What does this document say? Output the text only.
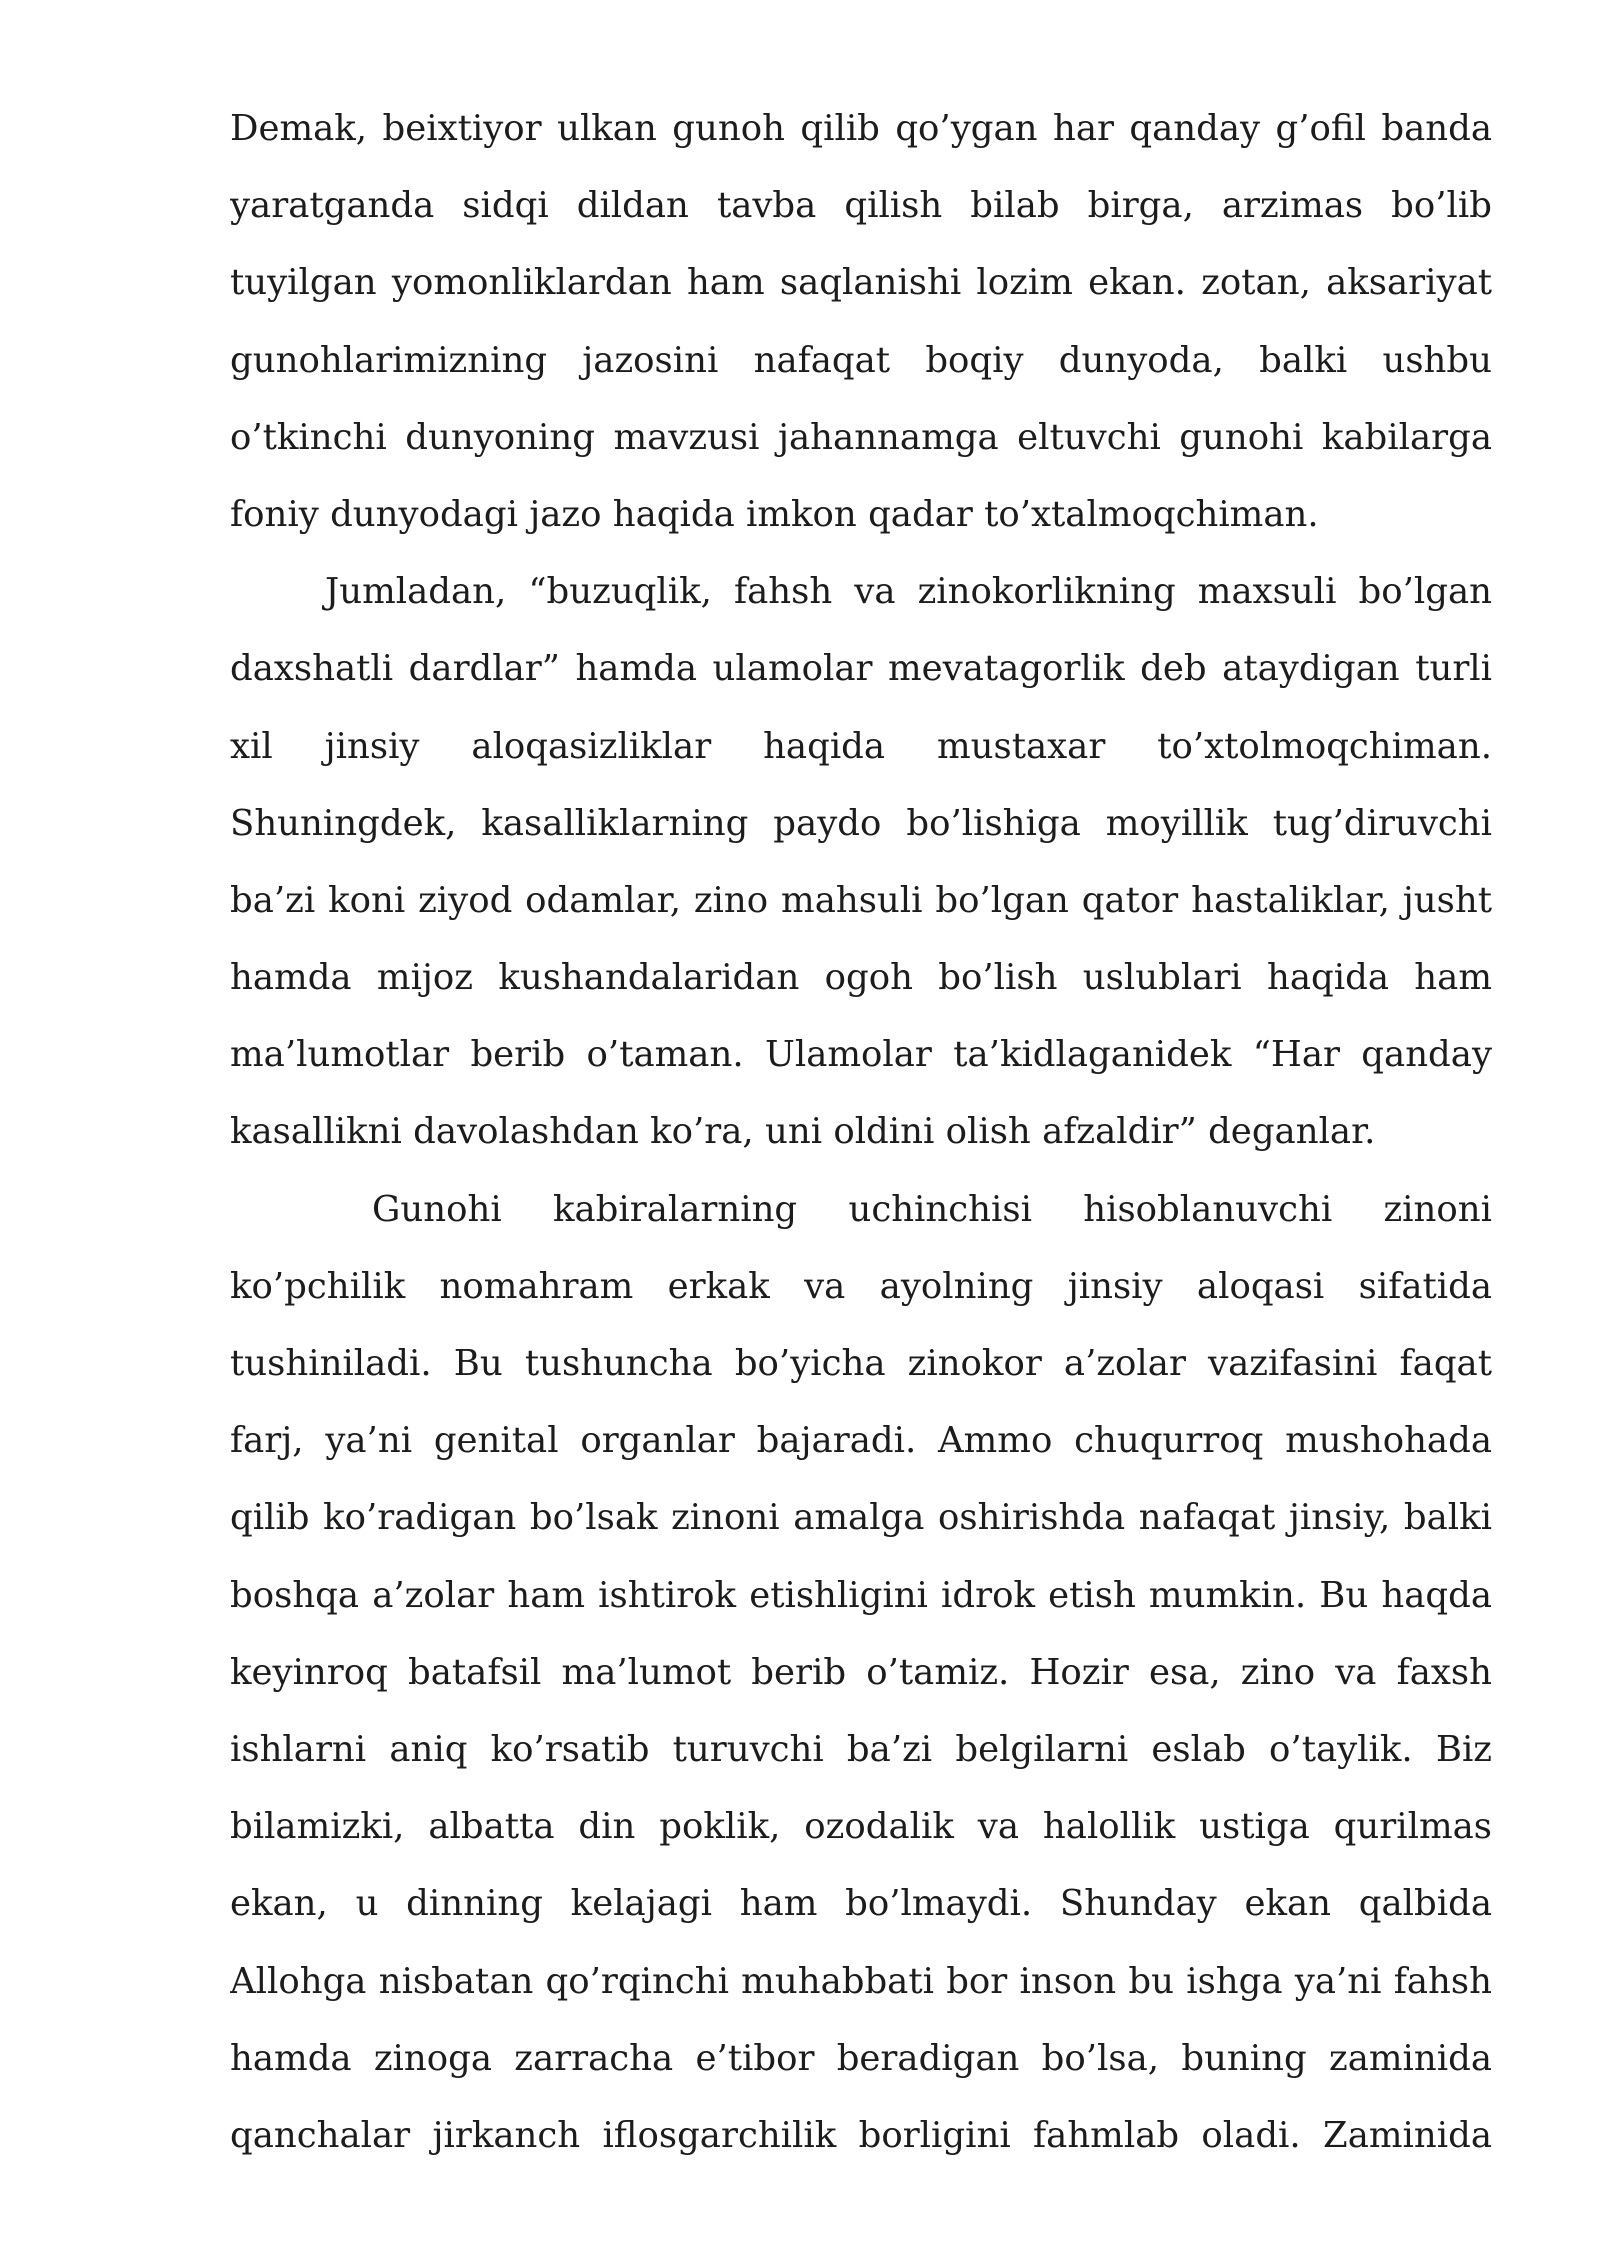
Demak, beixtiyor ulkan gunoh qilib qo’ygan har qanday g’ofil banda
yaratganda sidqi dildan tavba qilish bilab birga, arzimas bo’lib
tuyilgan yomonliklardan ham saqlanishi lozim ekan. zotan, aksariyat
gunohlarimizning jazosini nafaqat boqiy dunyoda, balki ushbu
o’tkinchi dunyoning mavzusi jahannamga eltuvchi gunohi kabilarga
foniy dunyodagi jazo haqida imkon qadar to’xtalmoqchiman.
Jumladan, “buzuqlik, fahsh va zinokorlikning maxsuli bo’lgan
daxshatli dardlar” hamda ulamolar mevatagorlik deb ataydigan turli
xil jinsiy aloqasizliklar haqida mustaxar to’xtolmoqchiman.
Shuningdek, kasalliklarning paydo bo’lishiga moyillik tug’diruvchi
ba’zi koni ziyod odamlar, zino mahsuli bo’lgan qator hastaliklar, jusht
hamda mijoz kushandalaridan ogoh bo’lish uslublari haqida ham
ma’lumotlar berib o’taman. Ulamolar ta’kidlaganidek “Har qanday
kasallikni davolashdan ko’ra, uni oldini olish afzaldir” deganlar.
Gunohi kabiralarning uchinchisi hisoblanuvchi zinoni
ko’pchilik nomahram erkak va ayolning jinsiy aloqasi sifatida
tushiniladi. Bu tushuncha bo’yicha zinokor a’zolar vazifasini faqat
farj, ya’ni genital organlar bajaradi. Ammo chuqurroq mushohada
qilib ko’radigan bo’lsak zinoni amalga oshirishda nafaqat jinsiy, balki
boshqa a’zolar ham ishtirok etishligini idrok etish mumkin. Bu haqda
keyinroq batafsil ma’lumot berib o’tamiz. Hozir esa, zino va faxsh
ishlarni aniq ko’rsatib turuvchi ba’zi belgilarni eslab o’taylik. Biz
bilamizki, albatta din poklik, ozodalik va halollik ustiga qurilmas
ekan, u dinning kelajagi ham bo’lmaydi. Shunday ekan qalbida
Allohga nisbatan qo’rqinchi muhabbati bor inson bu ishga ya’ni fahsh
hamda zinoga zarracha e’tibor beradigan bo’lsa, buning zaminida
qanchalar jirkanch iflosgarchilik borligini fahmlab oladi. Zaminida
